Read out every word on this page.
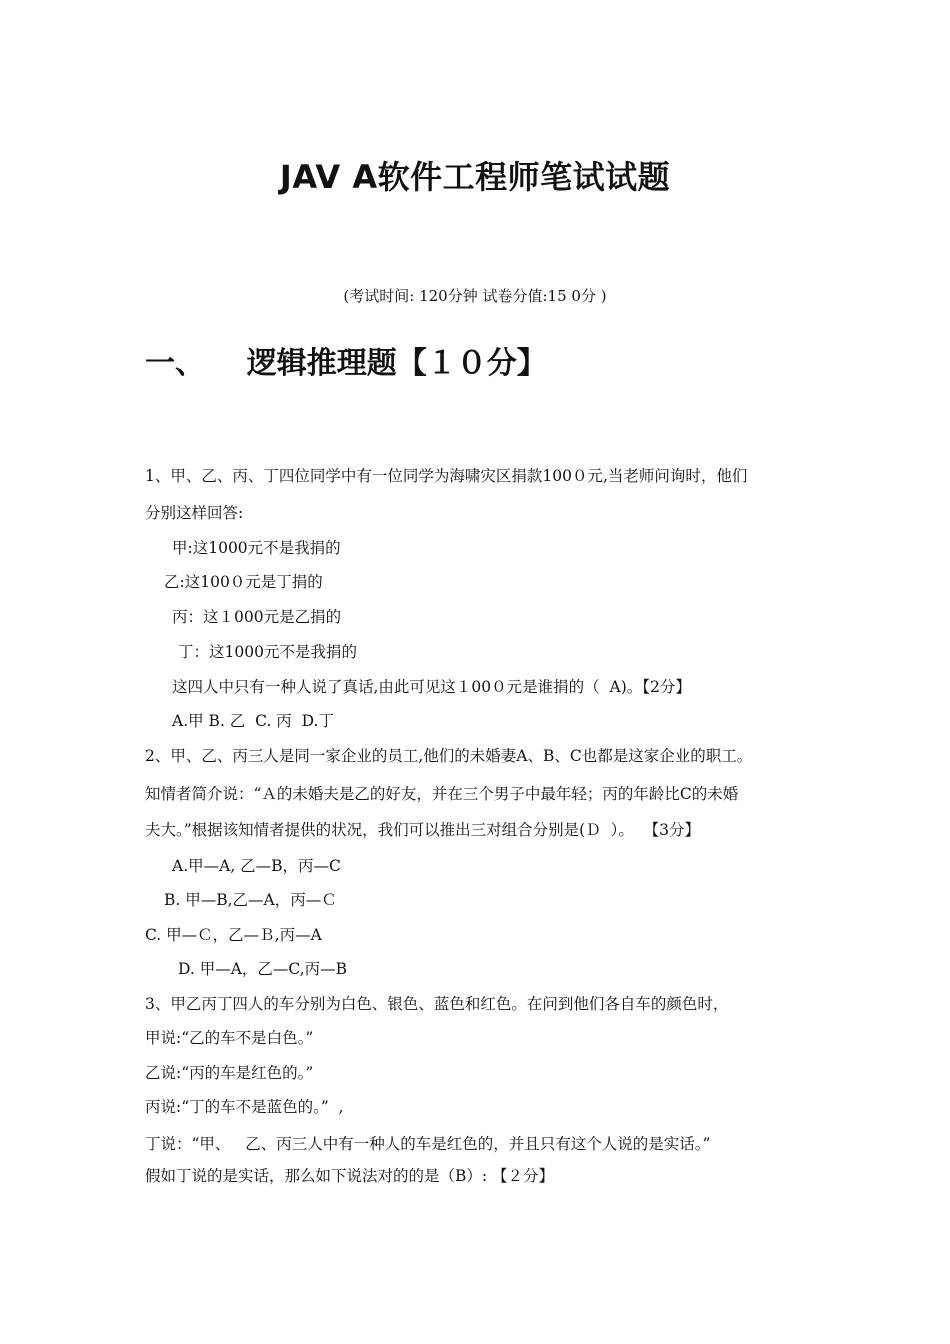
JAV A软件工程师笔试试题
(考试时间: 120分钟 试卷分值:15 0分 )
一、    逻辑推理题【１０分】
1、甲、乙、丙、丁四位同学中有一位同学为海啸灾区捐款100０元,当老师问询时，他们
分别这样回答:
甲:这1000元不是我捐的
乙:这100０元是丁捐的
丙：这１000元是乙捐的
丁：这1000元不是我捐的
这四人中只有一种人说了真话,由此可见这１00０元是谁捐的（  A)。【2分】
A.甲 B. 乙  C. 丙  D.丁
2、甲、乙、丙三人是同一家企业的员工,他们的未婚妻A、B、C也都是这家企业的职工。
知情者简介说：“Ａ的未婚夫是乙的好友，并在三个男子中最年轻；丙的年龄比C的未婚
夫大。”根据该知情者提供的状况，我们可以推出三对组合分别是(Ｄ  ）。  【3分】
A.甲—A, 乙—B，丙—C
B. 甲—B,乙—A，丙—Ｃ
C. 甲—Ｃ，乙—Ｂ,丙—A
D. 甲—A，乙—C,丙—B
3、甲乙丙丁四人的车分别为白色、银色、蓝色和红色。在问到他们各自车的颜色时，
甲说:“乙的车不是白色。”
乙说:“丙的车是红色的。”
丙说:“丁的车不是蓝色的。”  ,
丁说：“甲、   乙、丙三人中有一种人的车是红色的，并且只有这个人说的是实话。”
假如丁说的是实话，那么如下说法对的的是（B）: 【２分】
